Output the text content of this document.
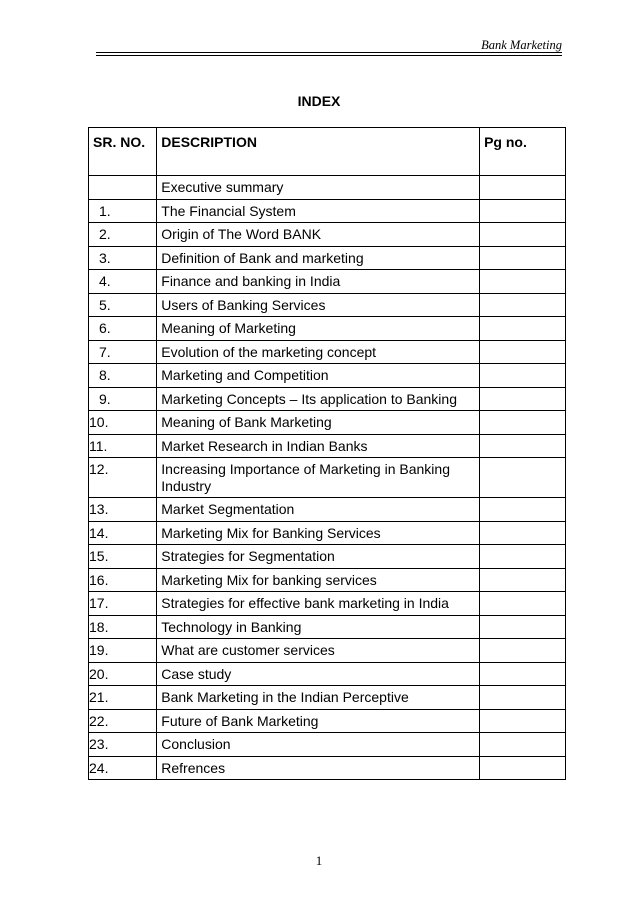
Bank Marketing
INDEX
SR. NO.	DESCRIPTION	Pg no.
	Executive summary	
1.	The Financial System	
2.	Origin of The Word BANK	
3.	Definition of Bank and marketing	
4.	Finance and banking in India	
5.	Users of Banking Services	
6.	Meaning of Marketing	
7.	Evolution of the marketing concept	
8.	Marketing and Competition	
9.	Marketing Concepts – Its application to Banking	
10.	Meaning of Bank Marketing	
11.	Market Research in Indian Banks	
12.	Increasing Importance of Marketing in Banking Industry	
13.	Market Segmentation	
14.	Marketing Mix for Banking Services	
15.	Strategies for Segmentation	
16.	Marketing Mix for banking services	
17.	Strategies for effective bank marketing in India	
18.	Technology in Banking	
19.	What are customer services	
20.	Case study	
21.	Bank Marketing in the Indian Perceptive	
22.	Future of Bank Marketing	
23.	Conclusion	
24.	Refrences	
1
